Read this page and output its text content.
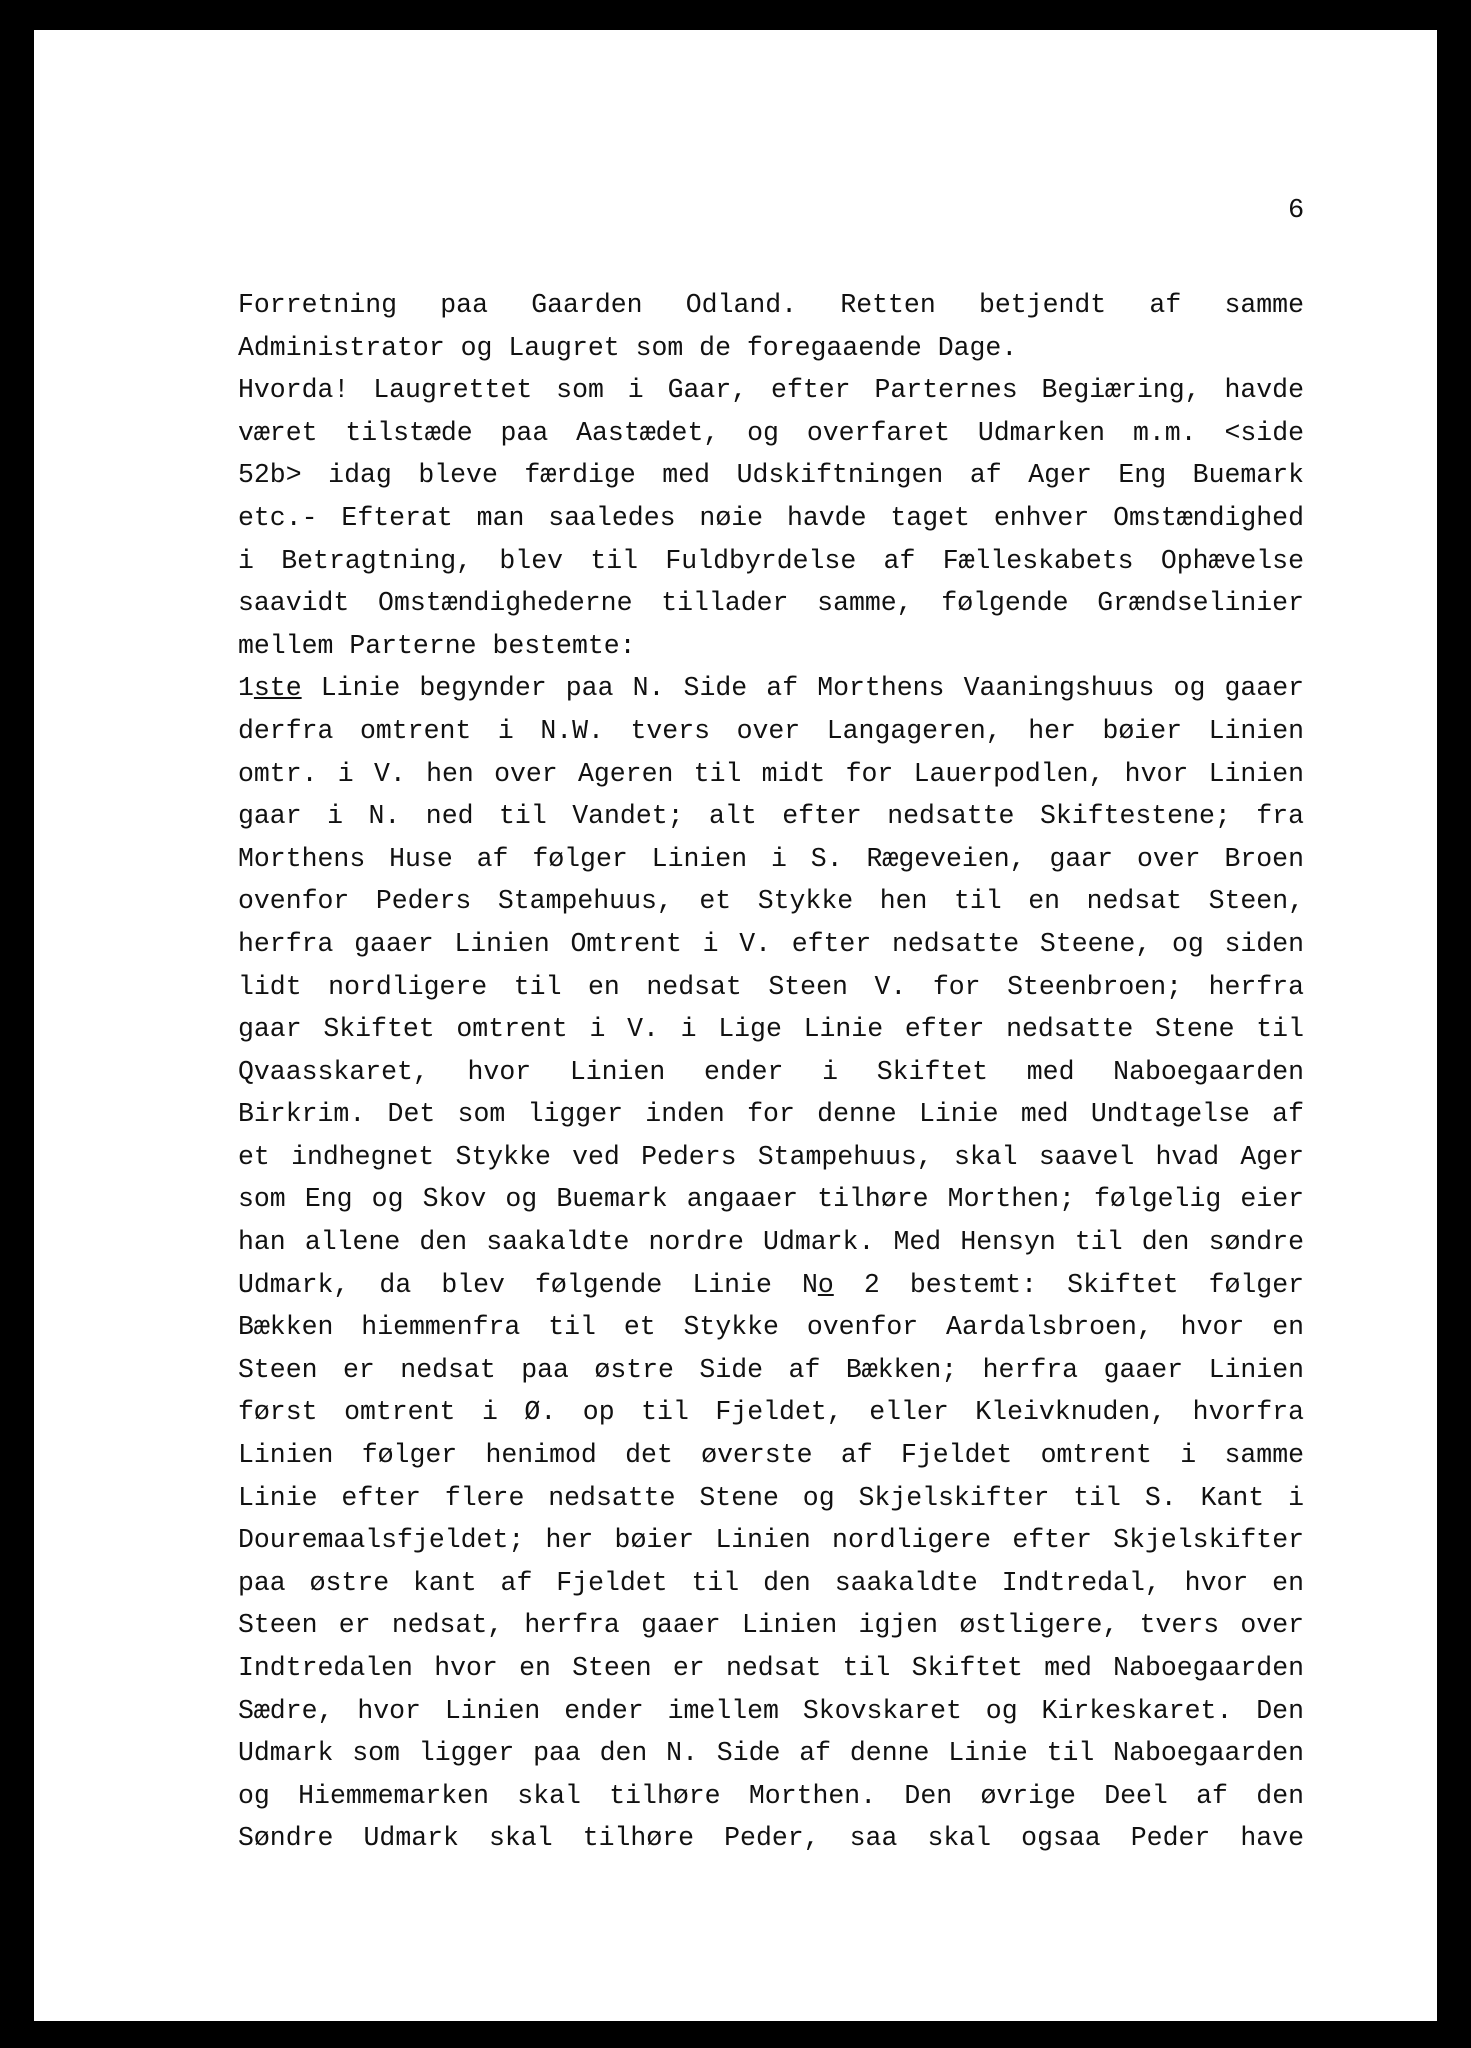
6
Forretning paa Gaarden Odland. Retten betjendt af samme
Administrator og Laugret som de foregaaende Dage.
Hvorda! Laugrettet som i Gaar, efter Parternes Begiæring, havde
været tilstæde paa Aastædet, og overfaret Udmarken m.m. <side
52b> idag bleve færdige med Udskiftningen af Ager Eng Buemark
etc.- Efterat man saaledes nøie havde taget enhver Omstændighed
i Betragtning, blev til Fuldbyrdelse af Fælleskabets Ophævelse
saavidt Omstændighederne tillader samme, følgende Grændselinier
mellem Parterne bestemte:
1ste Linie begynder paa N. Side af Morthens Vaaningshuus og gaaer
derfra omtrent i N.W. tvers over Langageren, her bøier Linien
omtr. i V. hen over Ageren til midt for Lauerpodlen, hvor Linien
gaar i N. ned til Vandet; alt efter nedsatte Skiftestene; fra
Morthens Huse af følger Linien i S. Rægeveien, gaar over Broen
ovenfor Peders Stampehuus, et Stykke hen til en nedsat Steen,
herfra gaaer Linien Omtrent i V. efter nedsatte Steene, og siden
lidt nordligere til en nedsat Steen V. for Steenbroen; herfra
gaar Skiftet omtrent i V. i Lige Linie efter nedsatte Stene til
Qvaasskaret, hvor Linien ender i Skiftet med Naboegaarden
Birkrim. Det som ligger inden for denne Linie med Undtagelse af
et indhegnet Stykke ved Peders Stampehuus, skal saavel hvad Ager
som Eng og Skov og Buemark angaaer tilhøre Morthen; følgelig eier
han allene den saakaldte nordre Udmark. Med Hensyn til den søndre
Udmark, da blev følgende Linie No 2 bestemt: Skiftet følger
Bækken hiemmenfra til et Stykke ovenfor Aardalsbroen, hvor en
Steen er nedsat paa østre Side af Bækken; herfra gaaer Linien
først omtrent i Ø. op til Fjeldet, eller Kleivknuden, hvorfra
Linien følger henimod det øverste af Fjeldet omtrent i samme
Linie efter flere nedsatte Stene og Skjelskifter til S. Kant i
Douremaalsfjeldet; her bøier Linien nordligere efter Skjelskifter
paa østre kant af Fjeldet til den saakaldte Indtredal, hvor en
Steen er nedsat, herfra gaaer Linien igjen østligere, tvers over
Indtredalen hvor en Steen er nedsat til Skiftet med Naboegaarden
Sædre, hvor Linien ender imellem Skovskaret og Kirkeskaret. Den
Udmark som ligger paa den N. Side af denne Linie til Naboegaarden
og Hiemmemarken skal tilhøre Morthen. Den øvrige Deel af den
Søndre Udmark skal tilhøre Peder, saa skal ogsaa Peder have
